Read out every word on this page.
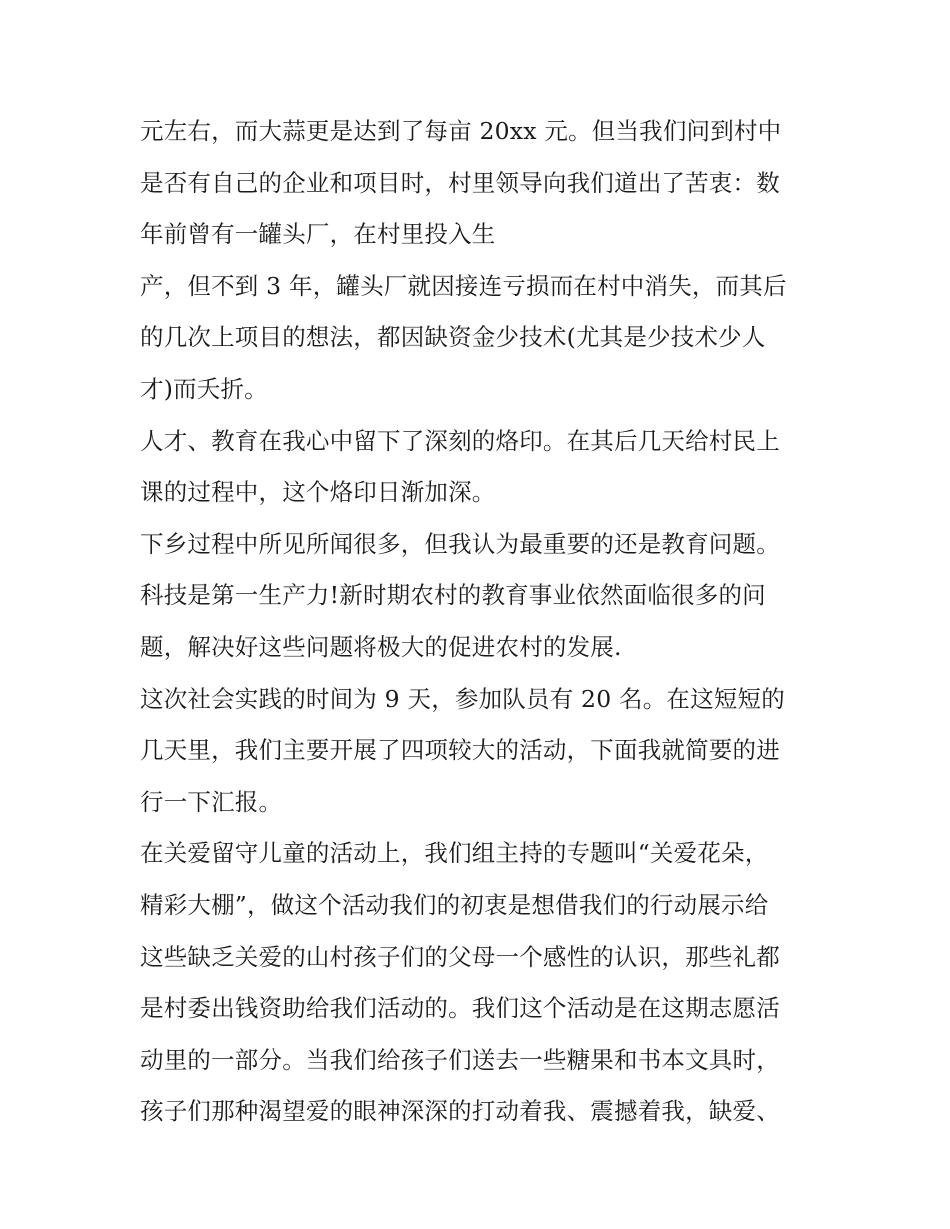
元左右，而大蒜更是达到了每亩 20xx 元。但当我们问到村中
是否有自己的企业和项目时，村里领导向我们道出了苦衷：数
年前曾有一罐头厂，在村里投入生
产，但不到 3 年，罐头厂就因接连亏损而在村中消失，而其后
的几次上项目的想法，都因缺资金少技术(尤其是少技术少人
才)而夭折。
人才、教育在我心中留下了深刻的烙印。在其后几天给村民上
课的过程中，这个烙印日渐加深。
下乡过程中所见所闻很多，但我认为最重要的还是教育问题。
科技是第一生产力!新时期农村的教育事业依然面临很多的问
题，解决好这些问题将极大的促进农村的发展.
这次社会实践的时间为 9 天，参加队员有 20 名。在这短短的
几天里，我们主要开展了四项较大的活动，下面我就简要的进
行一下汇报。
在关爱留守儿童的活动上，我们组主持的专题叫“关爱花朵，
精彩大棚”，做这个活动我们的初衷是想借我们的行动展示给
这些缺乏关爱的山村孩子们的父母一个感性的认识，那些礼都
是村委出钱资助给我们活动的。我们这个活动是在这期志愿活
动里的一部分。当我们给孩子们送去一些糖果和书本文具时，
孩子们那种渴望爱的眼神深深的打动着我、震撼着我，缺爱、
